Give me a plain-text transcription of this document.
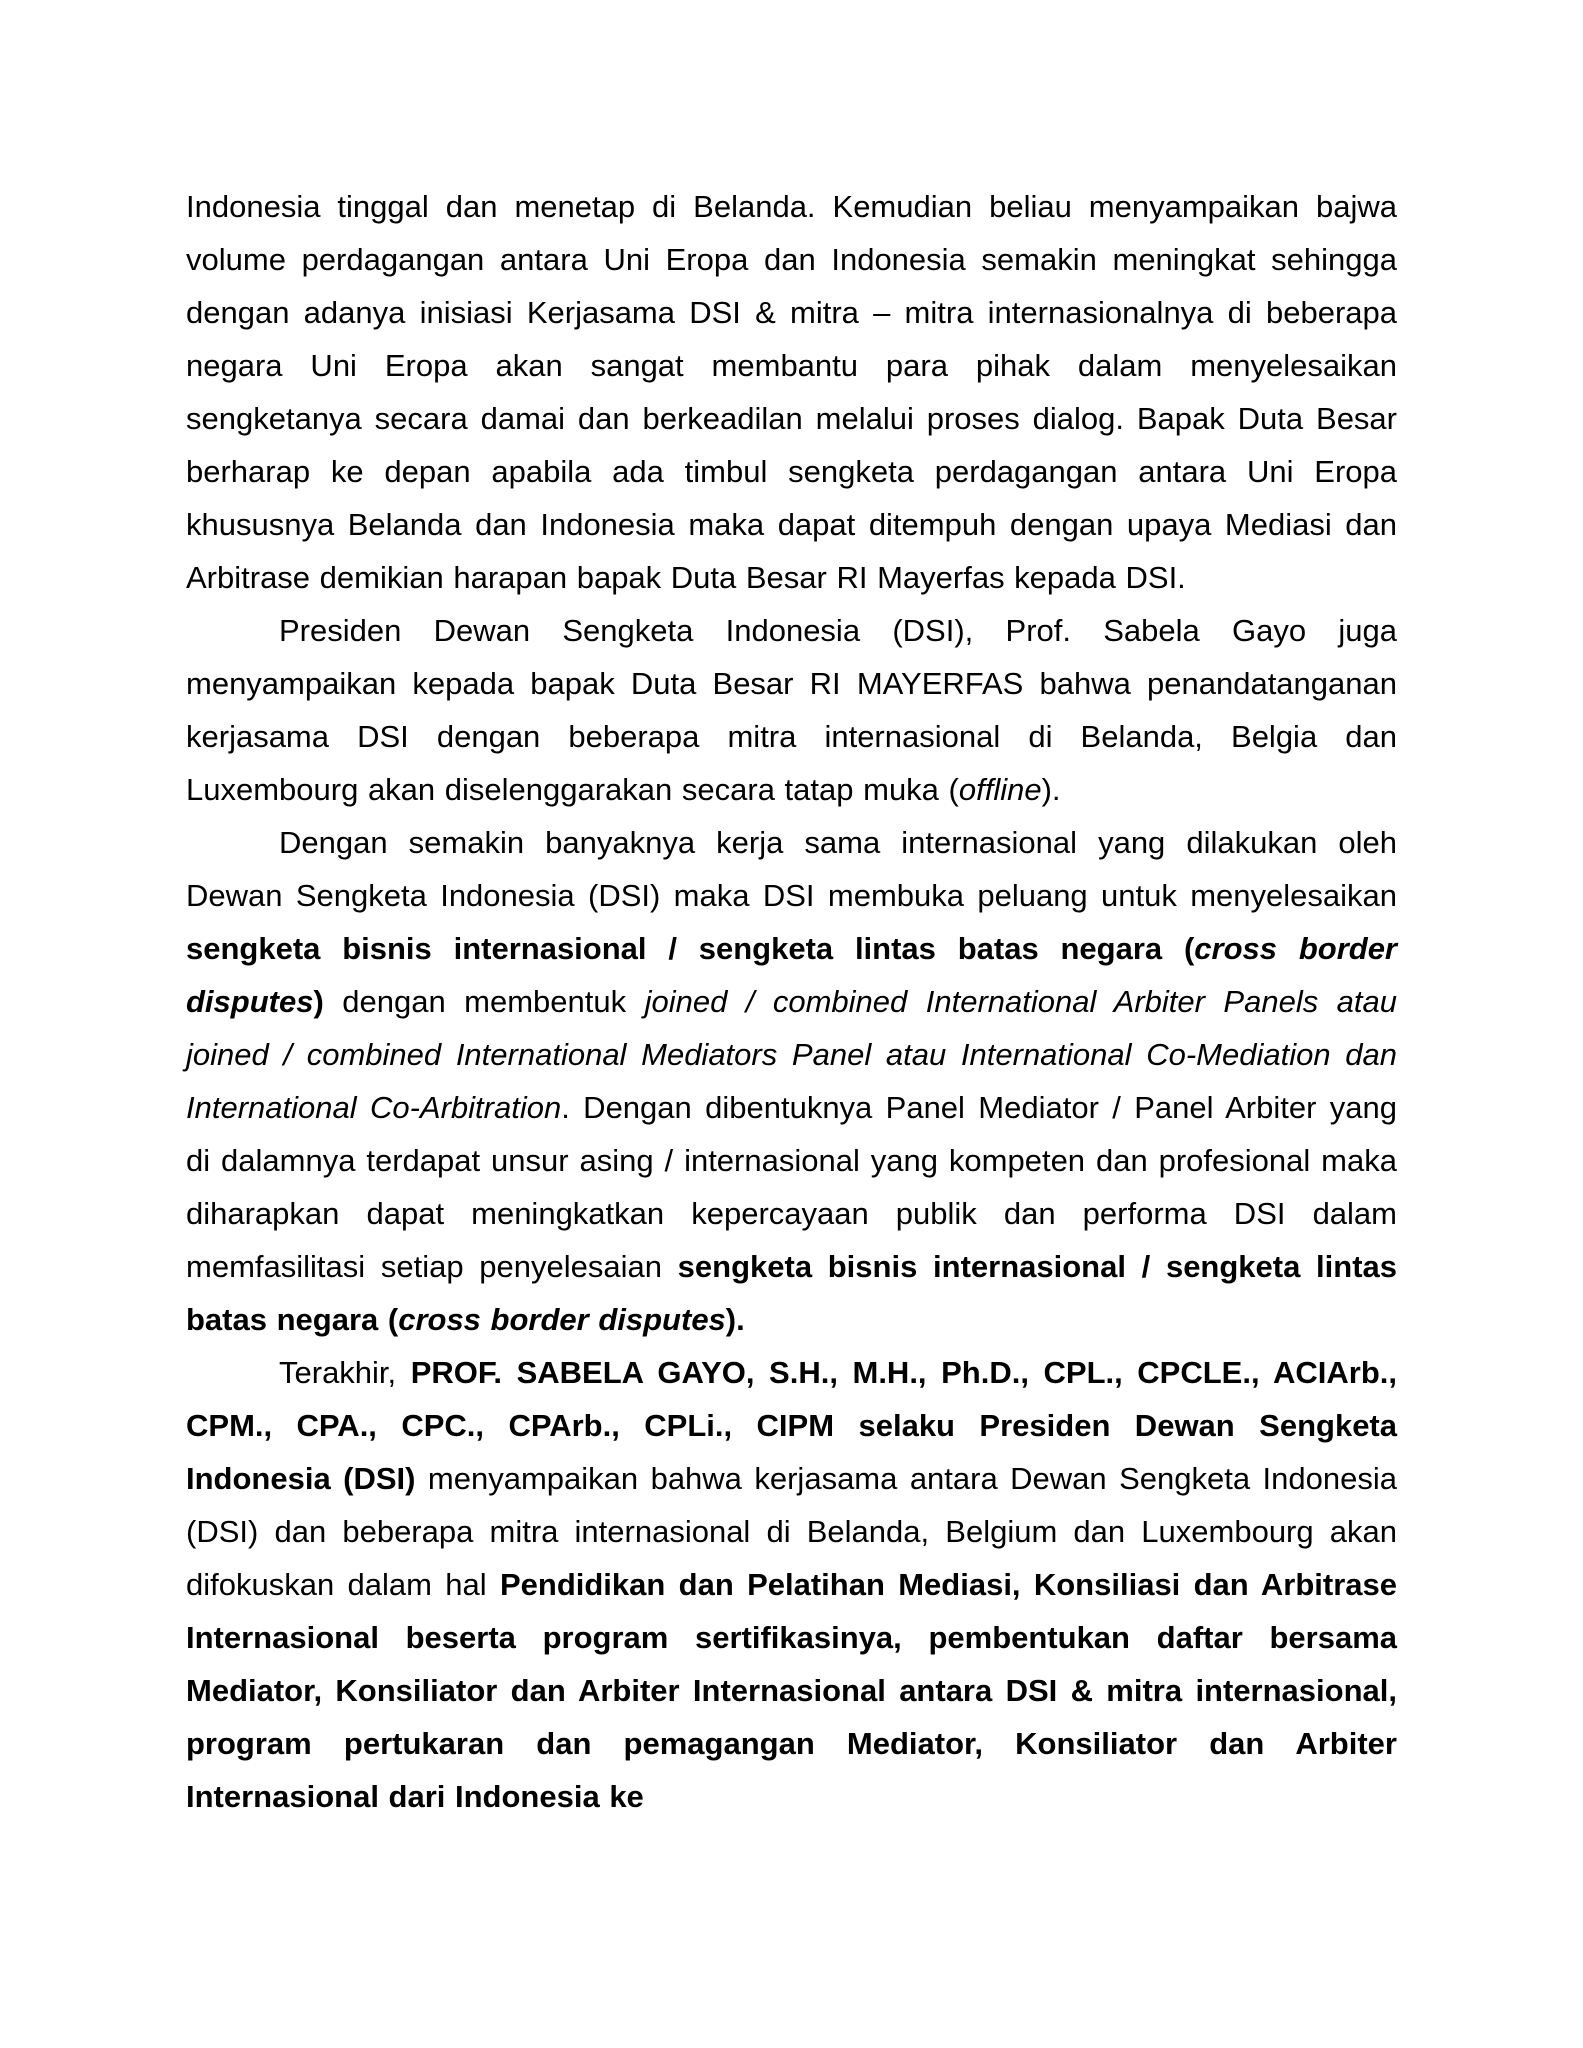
Indonesia tinggal dan menetap di Belanda. Kemudian beliau menyampaikan bajwa volume perdagangan antara Uni Eropa dan Indonesia semakin meningkat sehingga dengan adanya inisiasi Kerjasama DSI & mitra – mitra internasionalnya di beberapa negara Uni Eropa akan sangat membantu para pihak dalam menyelesaikan sengketanya secara damai dan berkeadilan melalui proses dialog. Bapak Duta Besar berharap ke depan apabila ada timbul sengketa perdagangan antara Uni Eropa khususnya Belanda dan Indonesia maka dapat ditempuh dengan upaya Mediasi dan Arbitrase demikian harapan bapak Duta Besar RI Mayerfas kepada DSI.

Presiden Dewan Sengketa Indonesia (DSI), Prof. Sabela Gayo juga menyampaikan kepada bapak Duta Besar RI MAYERFAS bahwa penandatanganan kerjasama DSI dengan beberapa mitra internasional di Belanda, Belgia dan Luxembourg akan diselenggarakan secara tatap muka (offline).

Dengan semakin banyaknya kerja sama internasional yang dilakukan oleh Dewan Sengketa Indonesia (DSI) maka DSI membuka peluang untuk menyelesaikan sengketa bisnis internasional / sengketa lintas batas negara (cross border disputes) dengan membentuk joined / combined International Arbiter Panels atau joined / combined International Mediators Panel atau International Co-Mediation dan International Co-Arbitration. Dengan dibentuknya Panel Mediator / Panel Arbiter yang di dalamnya terdapat unsur asing / internasional yang kompeten dan profesional maka diharapkan dapat meningkatkan kepercayaan publik dan performa DSI dalam memfasilitasi setiap penyelesaian sengketa bisnis internasional / sengketa lintas batas negara (cross border disputes).

Terakhir, PROF. SABELA GAYO, S.H., M.H., Ph.D., CPL., CPCLE., ACIArb., CPM., CPA., CPC., CPArb., CPLi., CIPM selaku Presiden Dewan Sengketa Indonesia (DSI) menyampaikan bahwa kerjasama antara Dewan Sengketa Indonesia (DSI) dan beberapa mitra internasional di Belanda, Belgium dan Luxembourg akan difokuskan dalam hal Pendidikan dan Pelatihan Mediasi, Konsiliasi dan Arbitrase Internasional beserta program sertifikasinya, pembentukan daftar bersama Mediator, Konsiliator dan Arbiter Internasional antara DSI & mitra internasional, program pertukaran dan pemagangan Mediator, Konsiliator dan Arbiter Internasional dari Indonesia ke
